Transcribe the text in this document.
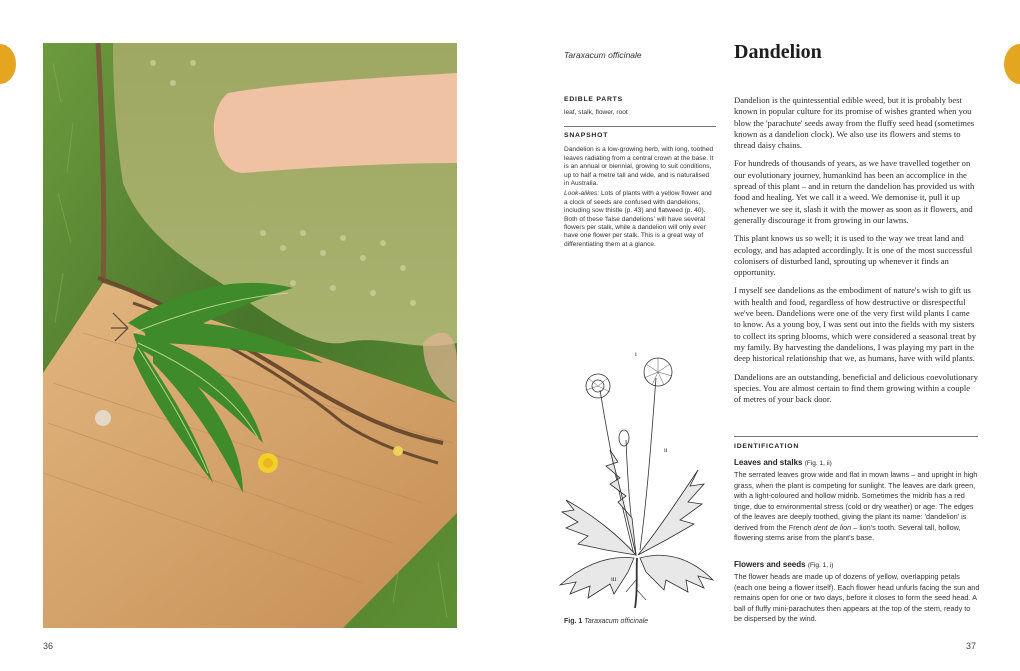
36
Taraxacum officinale	Dandelion
EDIBLE PARTS
leaf, stalk, flower, root
SNAPSHOT
Dandelion is a low-growing herb, with long, toothed leaves radiating from a central crown at the base. It is an annual or biennial, growing to suit conditions, up to half a metre tall and wide, and is naturalised in Australia.
Look-alikes: Lots of plants with a yellow flower and a clock of seeds are confused with dandelions, including sow thistle (p. 43) and flatweed (p. 40). Both of these 'false dandelions' will have several flowers per stalk, while a dandelion will only ever have one flower per stalk. This is a great way of differentiating them at a glance.

Dandelion is the quintessential edible weed, but it is probably best known in popular culture for its promise of wishes granted when you blow the 'parachute' seeds away from the fluffy seed head (sometimes known as a dandelion clock). We also use its flowers and stems to thread daisy chains.

For hundreds of thousands of years, as we have travelled together on our evolutionary journey, humankind has been an accomplice in the spread of this plant – and in return the dandelion has provided us with food and healing. Yet we call it a weed. We demonise it, pull it up whenever we see it, slash it with the mower as soon as it flowers, and generally discourage it from growing in our lawns.

This plant knows us so well; it is used to the way we treat land and ecology, and has adapted accordingly. It is one of the most successful colonisers of disturbed land, sprouting up whenever it finds an opportunity.

I myself see dandelions as the embodiment of nature's wish to gift us with health and food, regardless of how destructive or disrespectful we've been. Dandelions were one of the very first wild plants I came to know. As a young boy, I was sent out into the fields with my sisters to collect its spring blooms, which were considered a seasonal treat by my family. By harvesting the dandelions, I was playing my part in the deep historical relationship that we, as humans, have with wild plants.

Dandelions are an outstanding, beneficial and delicious coevolutionary species. You are almost certain to find them growing within a couple of metres of your back door.

IDENTIFICATION
Leaves and stalks (Fig. 1, ii)
The serrated leaves grow wide and flat in mown lawns – and upright in high grass, when the plant is competing for sunlight. The leaves are dark green, with a light-coloured and hollow midrib. Sometimes the midrib has a red tinge, due to environmental stress (cold or dry weather) or age. The edges of the leaves are deeply toothed, giving the plant its name: 'dandelion' is derived from the French dent de lion – lion's tooth. Several tall, hollow, flowering stems arise from the plant's base.
Flowers and seeds (Fig. 1, i)
The flower heads are made up of dozens of yellow, overlapping petals (each one being a flower itself). Each flower head unfurls facing the sun and remains open for one or two days, before it closes to form the seed head. A ball of fluffy mini-parachutes then appears at the top of the stem, ready to be dispersed by the wind.
i
ii
iii
Fig. 1 Taraxacum officinale
37
